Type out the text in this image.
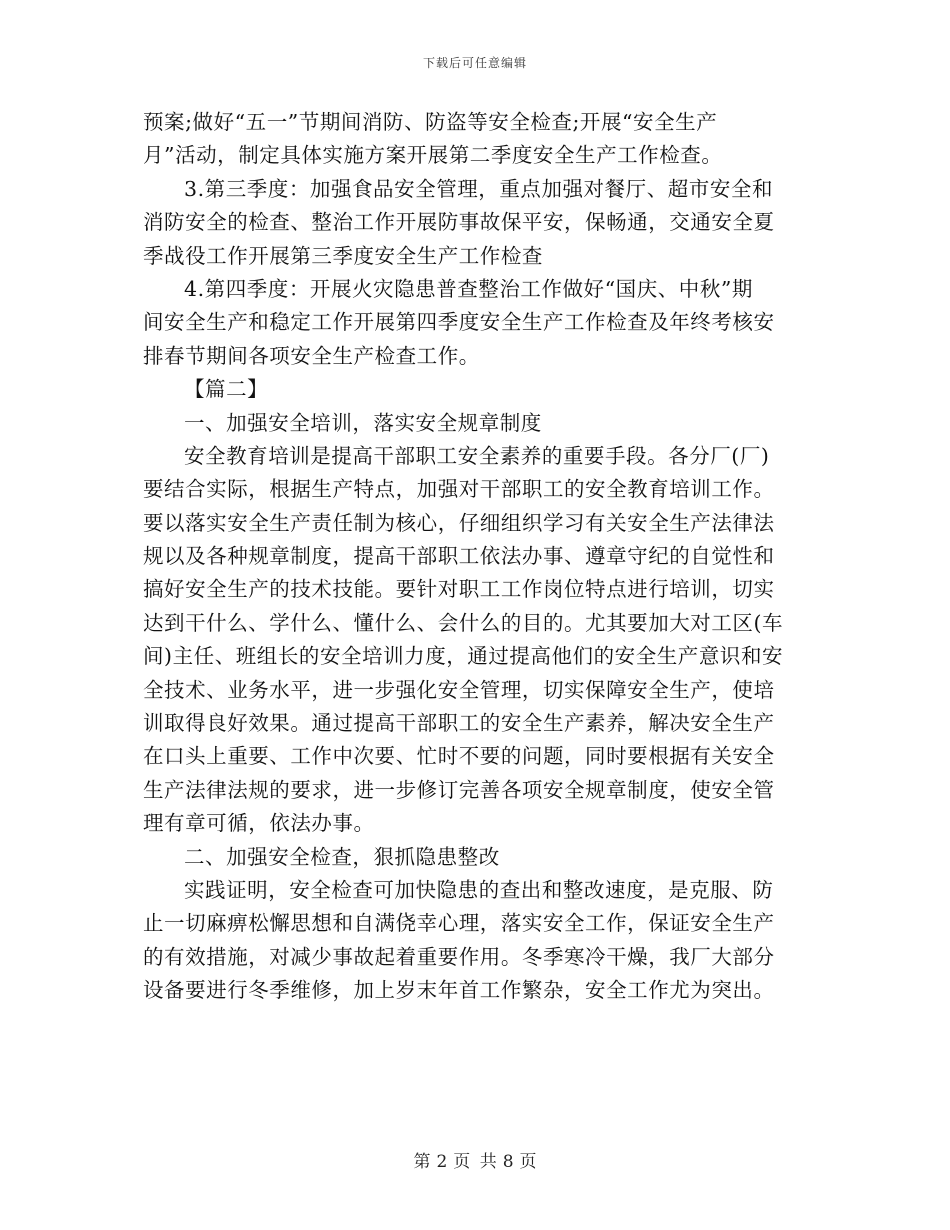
下载后可任意编辑
预案;做好“五一”节期间消防、防盗等安全检查;开展“安全生产
月”活动，制定具体实施方案开展第二季度安全生产工作检查。
3.第三季度：加强食品安全管理，重点加强对餐厅、超市安全和
消防安全的检查、整治工作开展防事故保平安，保畅通，交通安全夏
季战役工作开展第三季度安全生产工作检查
4.第四季度：开展火灾隐患普查整治工作做好“国庆、中秋”期
间安全生产和稳定工作开展第四季度安全生产工作检查及年终考核安
排春节期间各项安全生产检查工作。
【篇二】
一、加强安全培训，落实安全规章制度
安全教育培训是提高干部职工安全素养的重要手段。各分厂(厂)
要结合实际，根据生产特点，加强对干部职工的安全教育培训工作。
要以落实安全生产责任制为核心，仔细组织学习有关安全生产法律法
规以及各种规章制度，提高干部职工依法办事、遵章守纪的自觉性和
搞好安全生产的技术技能。要针对职工工作岗位特点进行培训，切实
达到干什么、学什么、懂什么、会什么的目的。尤其要加大对工区(车
间)主任、班组长的安全培训力度，通过提高他们的安全生产意识和安
全技术、业务水平，进一步强化安全管理，切实保障安全生产，使培
训取得良好效果。通过提高干部职工的安全生产素养，解决安全生产
在口头上重要、工作中次要、忙时不要的问题，同时要根据有关安全
生产法律法规的要求，进一步修订完善各项安全规章制度，使安全管
理有章可循，依法办事。
二、加强安全检查，狠抓隐患整改
实践证明，安全检查可加快隐患的查出和整改速度，是克服、防
止一切麻痹松懈思想和自满侥幸心理，落实安全工作，保证安全生产
的有效措施，对减少事故起着重要作用。冬季寒冷干燥，我厂大部分
设备要进行冬季维修，加上岁末年首工作繁杂，安全工作尤为突出。
第 2 页 共 8 页
